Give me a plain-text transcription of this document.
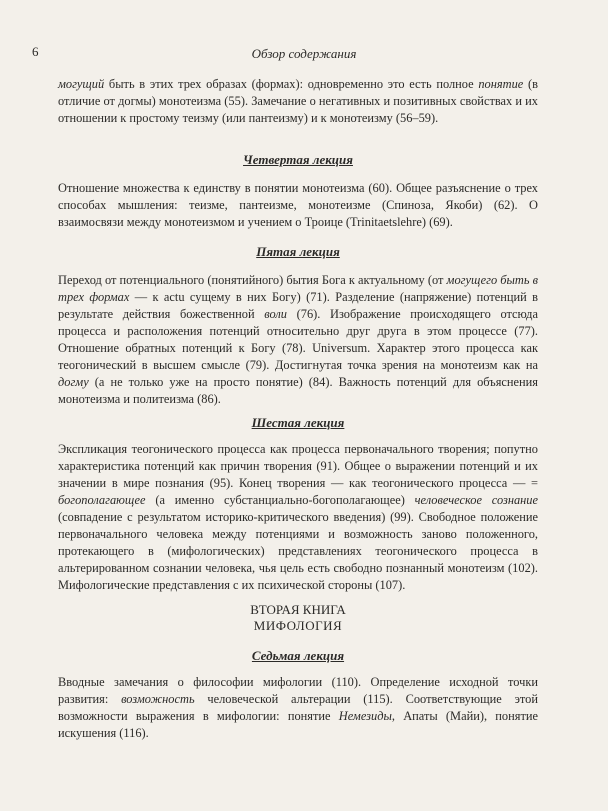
6	Обзор содержания

могущий быть в этих трех образах (формах): одновременно это есть полное понятие (в отличие от догмы) монотеизма (55). Замечание о негативных и позитивных свойствах и их отношении к простому теизму (или пантеизму) и к монотеизму (56–59).

Четвертая лекция

Отношение множества к единству в понятии монотеизма (60). Общее разъяснение о трех способах мышления: теизме, пантеизме, монотеизме (Спиноза, Якоби) (62). О взаимосвязи между монотеизмом и учением о Троице (Trinitaetslehre) (69).

Пятая лекция

Переход от потенциального (понятийного) бытия Бога к актуальному (от могущего быть в трех формах — к actu сущему в них Богу) (71). Разделение (напряжение) потенций в результате действия божественной воли (76). Изображение происходящего отсюда процесса и расположения потенций относительно друг друга в этом процессе (77). Отношение обратных потенций к Богу (78). Universum. Характер этого процесса как теогонический в высшем смысле (79). Достигнутая точка зрения на монотеизм как на догму (а не только уже на просто понятие) (84). Важность потенций для объяснения монотеизма и политеизма (86).

Шестая лекция

Экспликация теогонического процесса как процесса первоначального творения; попутно характеристика потенций как причин творения (91). Общее о выражении потенций и их значении в мире познания (95). Конец творения — как теогонического процесса — = богополагающее (а именно субстанциально-богополагающее) человеческое сознание (совпадение с результатом историко-критического введения) (99). Свободное положение первоначального человека между потенциями и возможность заново положенного, протекающего в (мифологических) представлениях теогонического процесса в альтерированном сознании человека, чья цель есть свободно познанный монотеизм (102). Мифологические представления с их психической стороны (107).

ВТОРАЯ КНИГА
МИФОЛОГИЯ

Седьмая лекция

Вводные замечания о философии мифологии (110). Определение исходной точки развития: возможность человеческой альтерации (115). Соответствующие этой возможности выражения в мифологии: понятие Немезиды, Апаты (Майи), понятие искушения (116).
